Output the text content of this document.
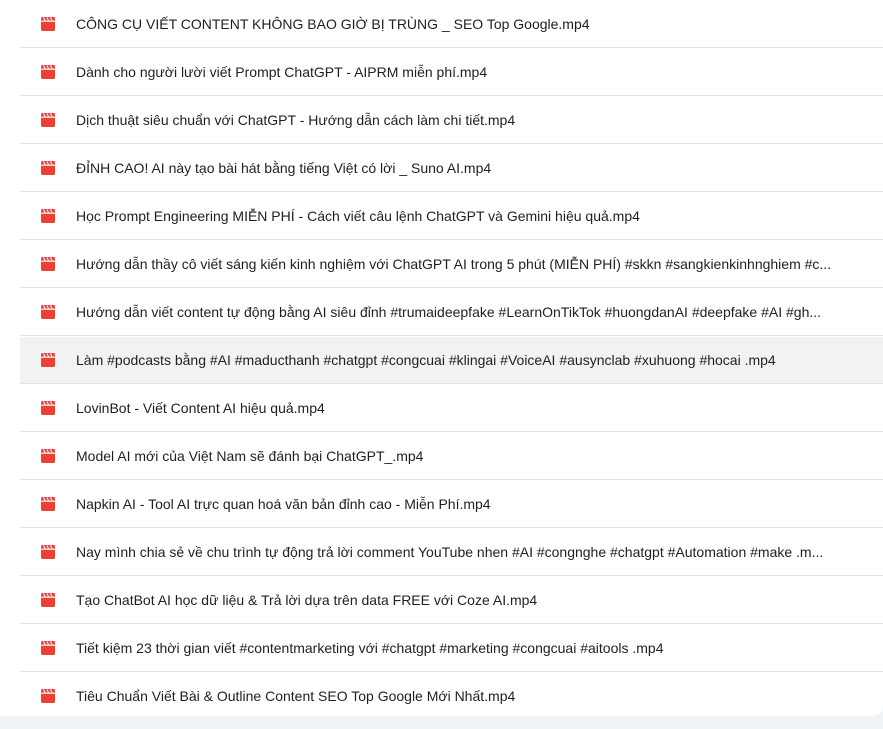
CÔNG CỤ VIẾT CONTENT KHÔNG BAO GIỜ BỊ TRÙNG _ SEO Top Google.mp4
Dành cho người lười viết Prompt ChatGPT - AIPRM miễn phí.mp4
Dịch thuật siêu chuẩn với ChatGPT - Hướng dẫn cách làm chi tiết.mp4
ĐỈNH CAO! AI này tạo bài hát bằng tiếng Việt có lời _ Suno AI.mp4
Học Prompt Engineering MIỄN PHÍ - Cách viết câu lệnh ChatGPT và Gemini hiệu quả.mp4
Hướng dẫn thầy cô viết sáng kiến kinh nghiệm với ChatGPT AI trong 5 phút (MIỄN PHÍ) #skkn #sangkienkinhnghiem #c...
Hướng dẫn viết content tự động bằng AI siêu đỉnh #trumaideepfake #LearnOnTikTok #huongdanAI #deepfake #AI #gh...
Làm #podcasts bằng #AI #maducthanh #chatgpt #congcuai #klingai #VoiceAI #ausynclab #xuhuong #hocai .mp4
LovinBot - Viết Content AI hiệu quả.mp4
Model AI mới của Việt Nam sẽ đánh bại ChatGPT_.mp4
Napkin AI - Tool AI trực quan hoá văn bản đỉnh cao - Miễn Phí.mp4
Nay mình chia sẻ về chu trình tự động trả lời comment YouTube nhen #AI #congnghe #chatgpt #Automation #make .m...
Tạo ChatBot AI học dữ liệu & Trả lời dựa trên data FREE với Coze AI.mp4
Tiết kiệm 23 thời gian viết #contentmarketing với #chatgpt #marketing #congcuai #aitools .mp4
Tiêu Chuẩn Viết Bài & Outline Content SEO Top Google Mới Nhất.mp4
